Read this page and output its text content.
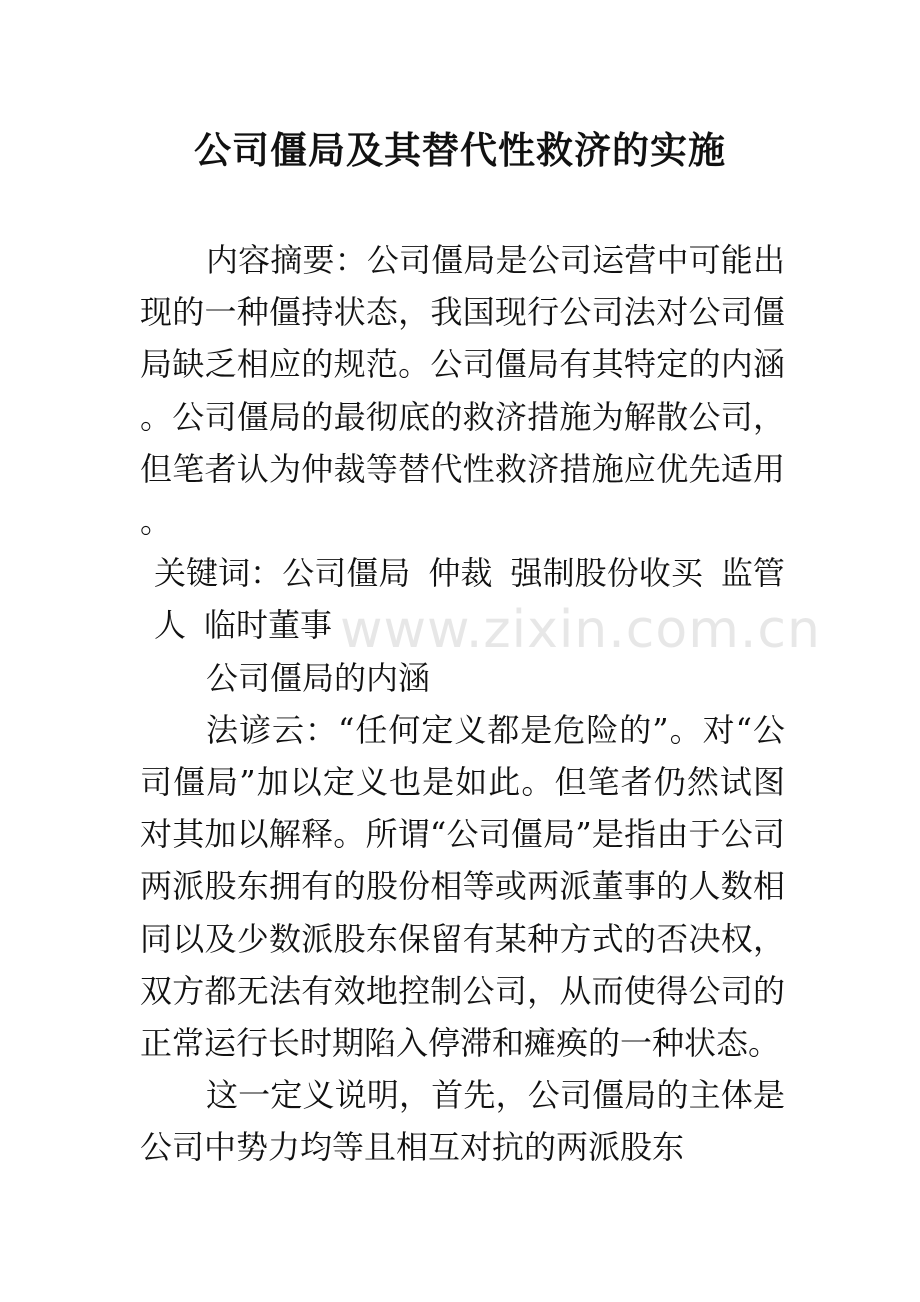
www.zixin.com.cn
公司僵局及其替代性救济的实施

内容摘要：公司僵局是公司运营中可能出现的一种僵持状态，我国现行公司法对公司僵局缺乏相应的规范。公司僵局有其特定的内涵。公司僵局的最彻底的救济措施为解散公司，但笔者认为仲裁等替代性救济措施应优先适用。

关键词：公司僵局 仲裁 强制股份收买 监管人 临时董事

公司僵局的内涵

法谚云：“任何定义都是危险的”。对“公司僵局”加以定义也是如此。但笔者仍然试图对其加以解释。所谓“公司僵局”是指由于公司两派股东拥有的股份相等或两派董事的人数相同以及少数派股东保留有某种方式的否决权，双方都无法有效地控制公司，从而使得公司的正常运行长时期陷入停滞和瘫痪的一种状态。

这一定义说明，首先，公司僵局的主体是公司中势力均等且相互对抗的两派股东
